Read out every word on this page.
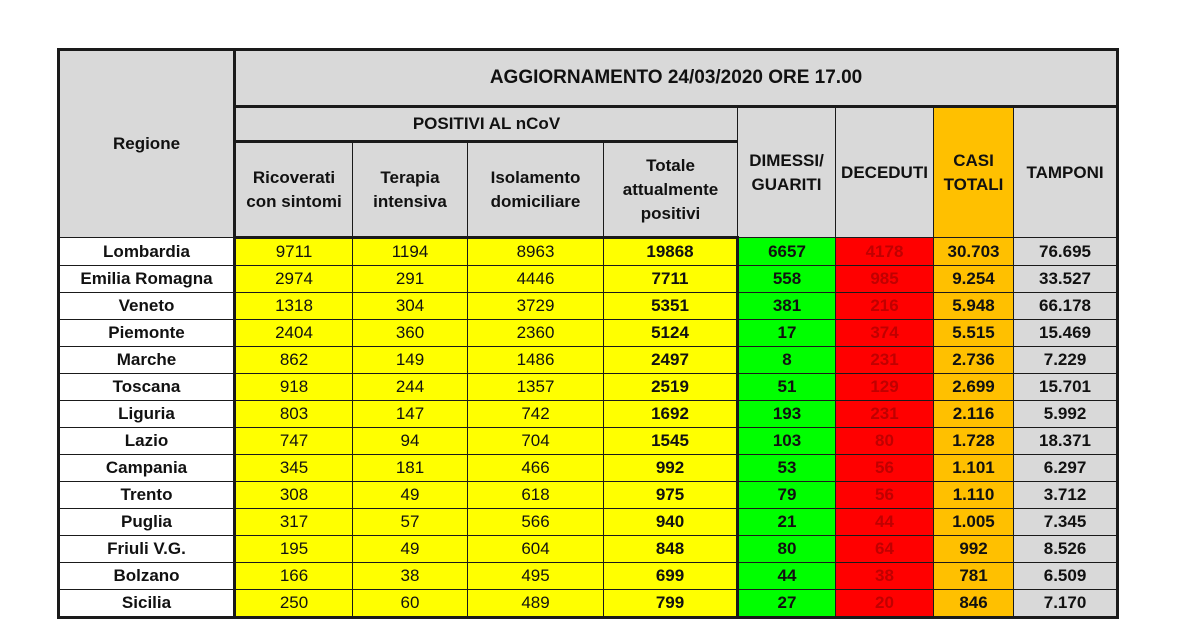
Regione	AGGIORNAMENTO 24/03/2020 ORE 17.00							
	POSITIVI AL nCoV				DIMESSI/ GUARITI	DECEDUTI	CASI TOTALI	TAMPONI
	Ricoverati con sintomi	Terapia intensiva	Isolamento domiciliare	Totale attualmente positivi				
Lombardia	9711	1194	8963	19868	6657	4178	30.703	76.695
Emilia Romagna	2974	291	4446	7711	558	985	9.254	33.527
Veneto	1318	304	3729	5351	381	216	5.948	66.178
Piemonte	2404	360	2360	5124	17	374	5.515	15.469
Marche	862	149	1486	2497	8	231	2.736	7.229
Toscana	918	244	1357	2519	51	129	2.699	15.701
Liguria	803	147	742	1692	193	231	2.116	5.992
Lazio	747	94	704	1545	103	80	1.728	18.371
Campania	345	181	466	992	53	56	1.101	6.297
Trento	308	49	618	975	79	56	1.110	3.712
Puglia	317	57	566	940	21	44	1.005	7.345
Friuli V.G.	195	49	604	848	80	64	992	8.526
Bolzano	166	38	495	699	44	38	781	6.509
Sicilia	250	60	489	799	27	20	846	7.170
